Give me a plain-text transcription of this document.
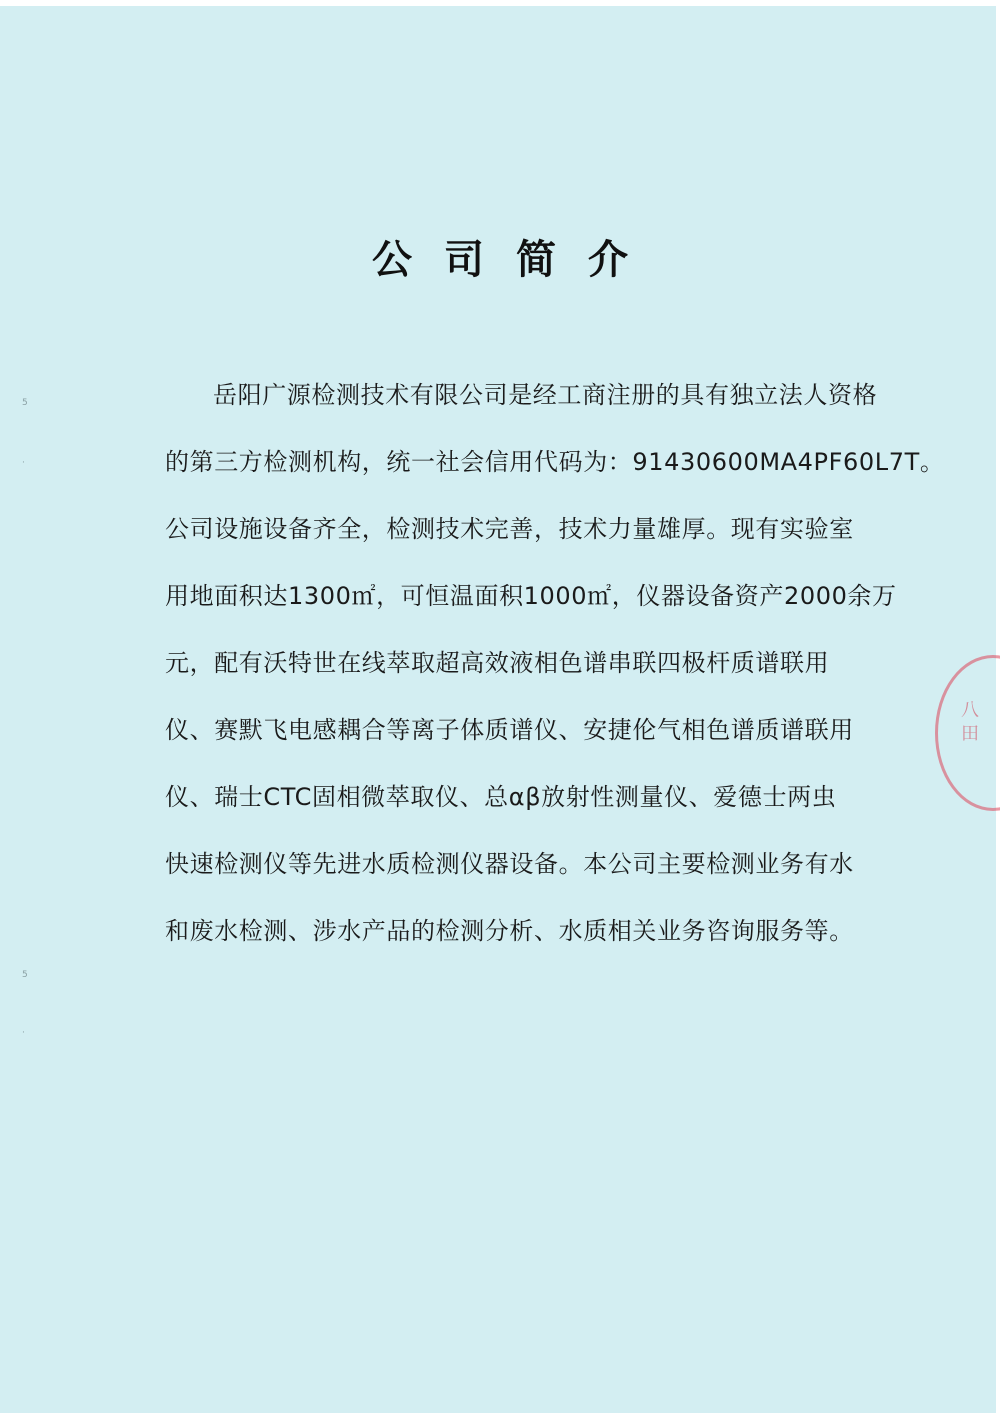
公司简介
岳阳广源检测技术有限公司是经工商注册的具有独立法人资格
的第三方检测机构，统一社会信用代码为：91430600MA4PF60L7T。
公司设施设备齐全，检测技术完善，技术力量雄厚。现有实验室
用地面积达1300㎡，可恒温面积1000㎡，仪器设备资产2000余万
元，配有沃特世在线萃取超高效液相色谱串联四极杆质谱联用
仪、赛默飞电感耦合等离子体质谱仪、安捷伦气相色谱质谱联用
仪、瑞士CTC固相微萃取仪、总αβ放射性测量仪、爱德士两虫
快速检测仪等先进水质检测仪器设备。本公司主要检测业务有水
和废水检测、涉水产品的检测分析、水质相关业务咨询服务等。
八 田
5
·
5
·
